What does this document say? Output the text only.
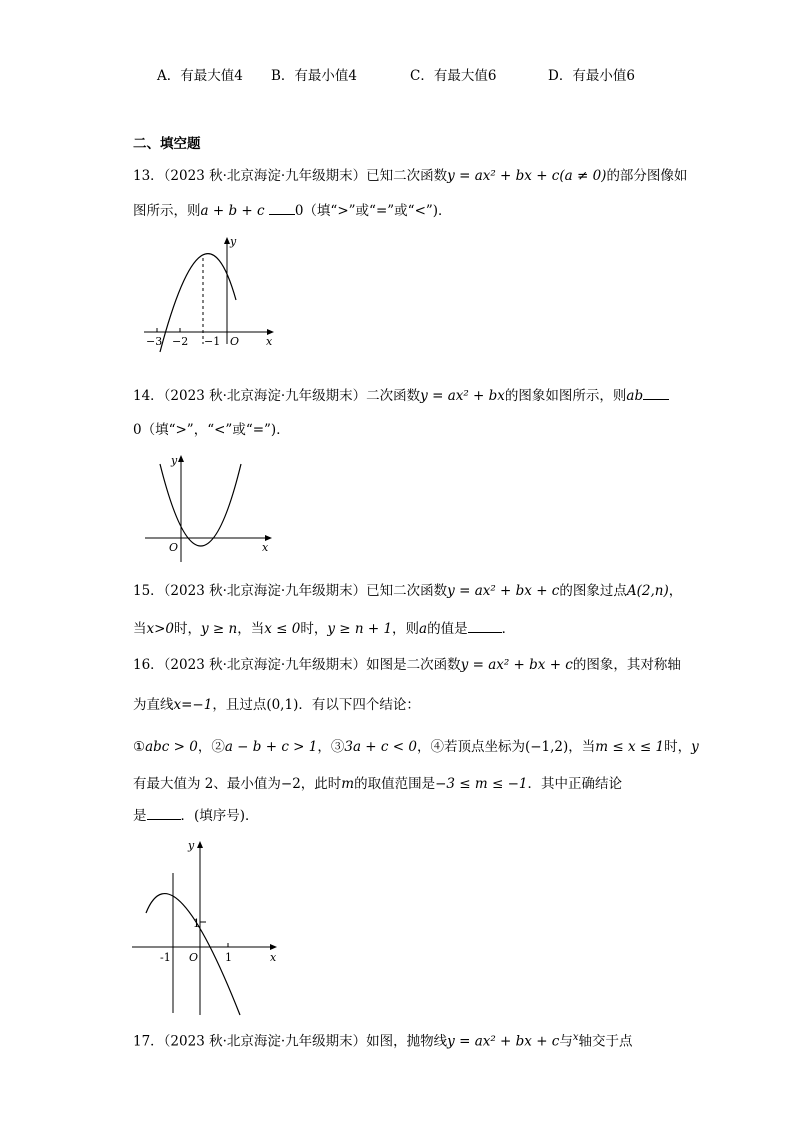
A．有最大值4 B．有最小值4	C．有最大值6	D．有最小值6
二、填空题
13．（2023 秋·北京海淀·九年级期末）已知二次函数y = ax² + bx + c(a ≠ 0)的部分图像如
图所示，则a + b + c 0（填“>”或“=”或“<”)．
−3 −2 −1 O x
y
14．（2023 秋·北京海淀·九年级期末）二次函数y = ax² + bx的图象如图所示，则ab
0（填“>”，“<”或“=”)．
O	x
y
15．（2023 秋·北京海淀·九年级期末）已知二次函数y = ax² + bx + c的图象过点A(2,n)，
当x>0时，y ≥ n，当x ≤ 0时，y ≥ n + 1，则a的值是	．
16．（2023 秋·北京海淀·九年级期末）如图是二次函数y = ax² + bx + c的图象，其对称轴
为直线x=−1，且过点(0,1)．有以下四个结论：
①abc > 0，②a − b + c > 1，③3a + c < 0，④若顶点坐标为(−1,2)，当m ≤ x ≤ 1时，y
有最大值为 2、最小值为−2，此时m的取值范围是−3 ≤ m ≤ −1．其中正确结论
是	．(填序号)．
-1 O 1
1
x
y
17．（2023 秋·北京海淀·九年级期末）如图，抛物线y = ax² + bx + c与$^x$轴交于点
